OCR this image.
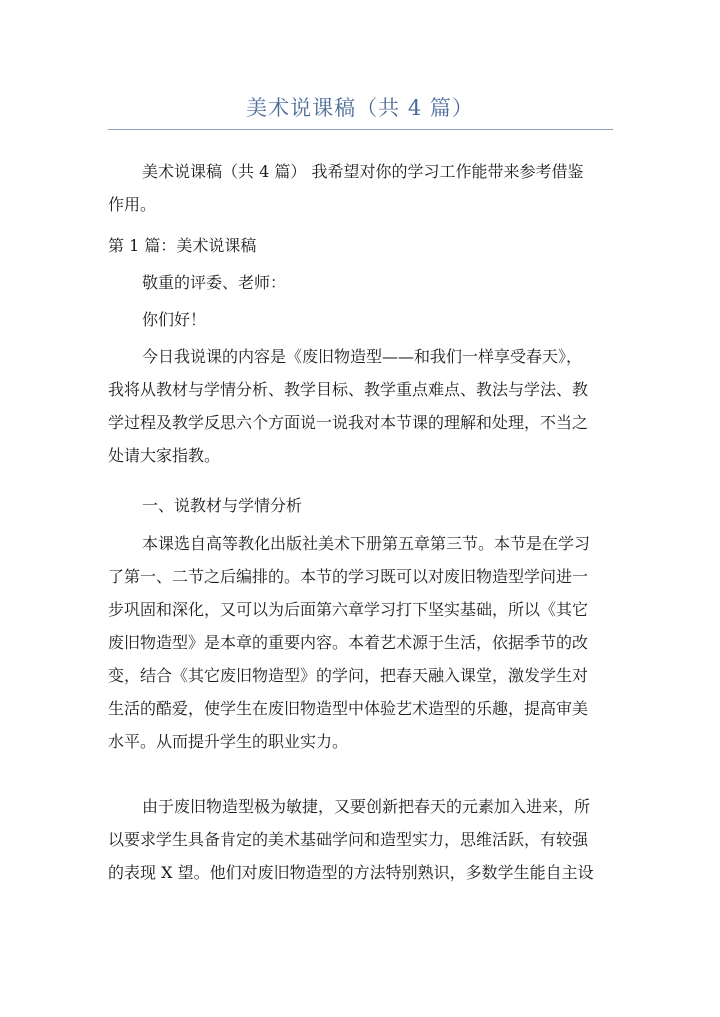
美术说课稿（共 4 篇）
美术说课稿（共 4 篇） 我希望对你的学习工作能带来参考借鉴
作用。
第 1 篇：美术说课稿
敬重的评委、老师：
你们好！
今日我说课的内容是《废旧物造型——和我们一样享受春天》，
我将从教材与学情分析、教学目标、教学重点难点、教法与学法、教
学过程及教学反思六个方面说一说我对本节课的理解和处理，不当之
处请大家指教。
一、说教材与学情分析
本课选自高等教化出版社美术下册第五章第三节。本节是在学习
了第一、二节之后编排的。本节的学习既可以对废旧物造型学问进一
步巩固和深化，又可以为后面第六章学习打下坚实基础，所以《其它
废旧物造型》是本章的重要内容。本着艺术源于生活，依据季节的改
变，结合《其它废旧物造型》的学问，把春天融入课堂，激发学生对
生活的酷爱，使学生在废旧物造型中体验艺术造型的乐趣，提高审美
水平。从而提升学生的职业实力。
由于废旧物造型极为敏捷，又要创新把春天的元素加入进来，所
以要求学生具备肯定的美术基础学问和造型实力，思维活跃，有较强
的表现 X 望。他们对废旧物造型的方法特别熟识，多数学生能自主设
